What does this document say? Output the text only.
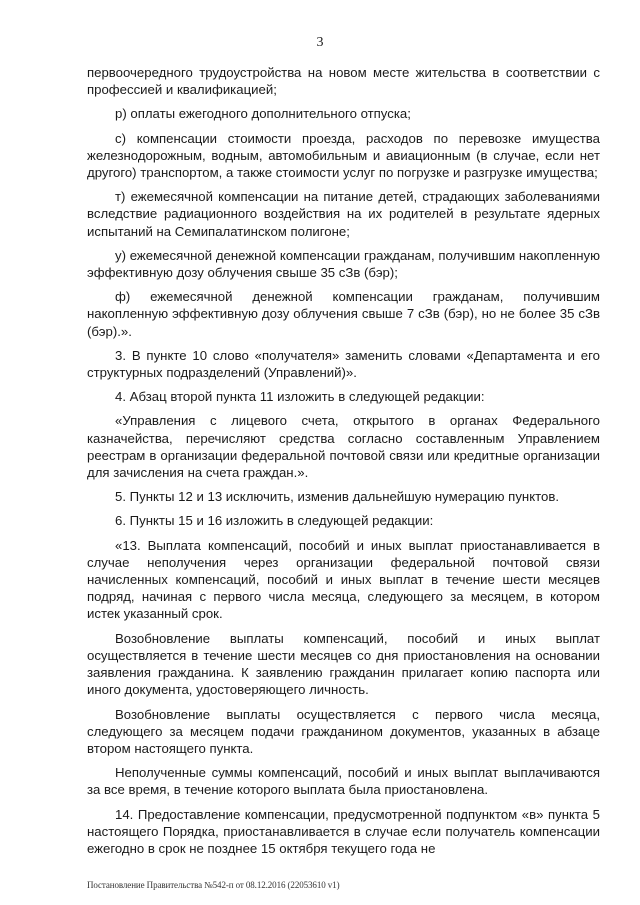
3

первоочередного трудоустройства на новом месте жительства в соответствии с профессией и квалификацией;

р) оплаты ежегодного дополнительного отпуска;

с) компенсации стоимости проезда, расходов по перевозке имущества железнодорожным, водным, автомобильным и авиационным (в случае, если нет другого) транспортом, а также стоимости услуг по погрузке и разгрузке имущества;

т) ежемесячной компенсации на питание детей, страдающих заболеваниями вследствие радиационного воздействия на их родителей в результате ядерных испытаний на Семипалатинском полигоне;

у) ежемесячной денежной компенсации гражданам, получившим накопленную эффективную дозу облучения свыше 35 сЗв (бэр);

ф) ежемесячной денежной компенсации гражданам, получившим накопленную эффективную дозу облучения свыше 7 сЗв (бэр), но не более 35 сЗв (бэр).».

3. В пункте 10 слово «получателя» заменить словами «Департамента и его структурных подразделений (Управлений)».

4. Абзац второй пункта 11 изложить в следующей редакции:

«Управления с лицевого счета, открытого в органах Федерального казначейства, перечисляют средства согласно составленным Управлением реестрам в организации федеральной почтовой связи или кредитные организации для зачисления на счета граждан.».

5. Пункты 12 и 13 исключить, изменив дальнейшую нумерацию пунктов.

6. Пункты 15 и 16 изложить в следующей редакции:

«13. Выплата компенсаций, пособий и иных выплат приостанавливается в случае неполучения через организации федеральной почтовой связи начисленных компенсаций, пособий и иных выплат в течение шести месяцев подряд, начиная с первого числа месяца, следующего за месяцем, в котором истек указанный срок.

Возобновление выплаты компенсаций, пособий и иных выплат осуществляется в течение шести месяцев со дня приостановления на основании заявления гражданина. К заявлению гражданин прилагает копию паспорта или иного документа, удостоверяющего личность.

Возобновление выплаты осуществляется с первого числа месяца, следующего за месяцем подачи гражданином документов, указанных в абзаце втором настоящего пункта.

Неполученные суммы компенсаций, пособий и иных выплат выплачиваются за все время, в течение которого выплата была приостановлена.

14. Предоставление компенсации, предусмотренной подпунктом «в» пункта 5 настоящего Порядка, приостанавливается в случае если получатель компенсации ежегодно в срок не позднее 15 октября текущего года не

Постановление Правительства №542-п от 08.12.2016 (22053610 v1)
